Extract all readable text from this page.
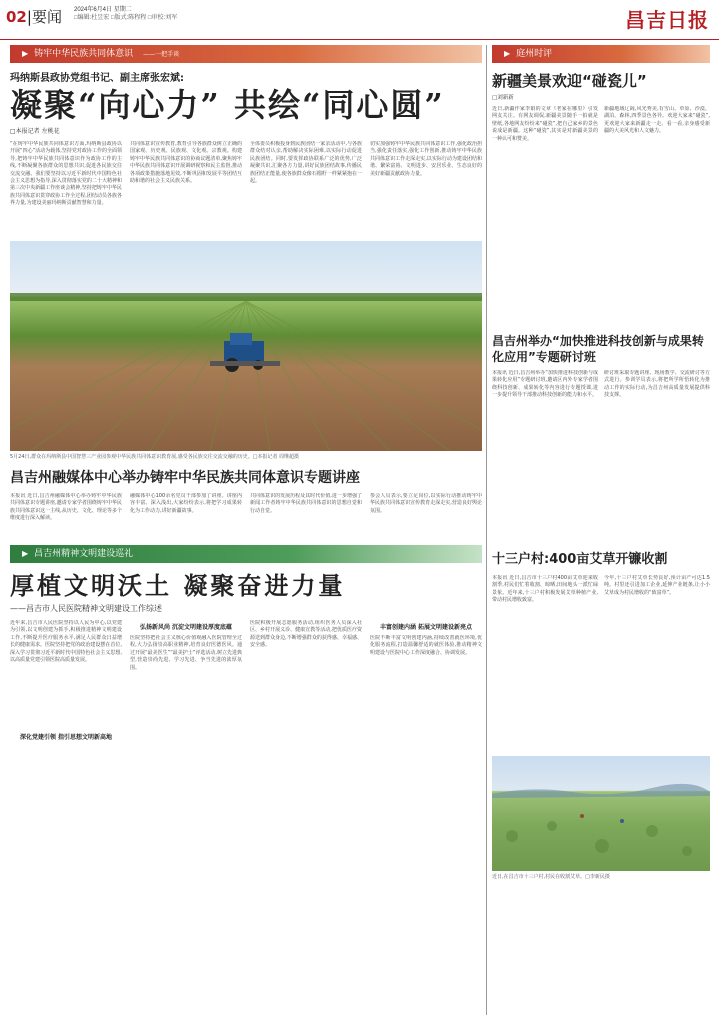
02|要闻 2024年6月4日 星期二
□编辑:杜昱宏 □版式:陈程程 □审校:刘军	昌吉日报
▶ 铸牢中华民族共同体意识 ——一把手谈
玛纳斯县政协党组书记、副主席张宏斌:
凝聚“向心力” 共绘“同心圆”
□本报记者 左桃花
“在铸牢中华民族共同体意识方面,玛纳斯县政协以开展“四心”活动为载体,坚持党对政协工作的全面领导,把铸牢中华民族共同体意识作为政协工作的主线,不断凝聚各族群众的思想共识,促进各民族交往交流交融。我们要坚持以习近平新时代中国特色社会主义思想为指导,深入贯彻落实党的二十大精神和第三次中央新疆工作座谈会精神,坚持把铸牢中华民族共同体意识贯穿政协工作全过程,团结动员各族各界力量,为建设美丽玛纳斯贡献智慧和力量。
共同体意识宣传教育,教育引导各族群众树立正确的国家观、历史观、民族观、文化观、宗教观。构建铸牢中华民族共同体意识的协商议题清单,聚焦铸牢中华民族共同体意识开展调研视察和民主监督,推动各项政策措施落地见效,不断巩固和发展平等团结互助和谐的社会主义民族关系。
全体委员积极投身到民族团结一家亲活动中,与各族群众结对认亲,帮助解决实际困难,以实际行动促进民族团结。同时,要发挥政协联系广泛的优势,广泛凝聚共识,汇聚各方力量,讲好民族团结故事,传播民族团结正能量,使各族群众像石榴籽一样紧紧抱在一起。
切实加强铸牢中华民族共同体意识工作,强化政治担当,强化责任落实,强化工作创新,推动铸牢中华民族共同体意识工作走深走实,以实际行动为建设团结和谐、繁荣富裕、文明进步、安居乐业、生态良好的美好新疆贡献政协力量。
5月24日,群众在玛纳斯县中国智慧三产业园参观中华民族共同体意识教育展,感受各民族交往交流交融的历史。□本报记者 周继超摄
昌吉州融媒体中心举办铸牢中华民族共同体意识专题讲座
本报讯 近日,昌吉州融媒体中心举办铸牢中华民族共同体意识专题讲座,邀请专家学者围绕铸牢中华民族共同体意识这一主线,从历史、文化、理论等多个维度进行深入解读。
融媒体中心100余名党员干部参加了讲座。讲座内容丰富、深入浅出,大家纷纷表示,将把学习成果转化为工作动力,讲好新疆故事。
共同体意识的发展历程及其时代价值,进一步增强了新闻工作者铸牢中华民族共同体意识的思想自觉和行动自觉。
参会人员表示,要立足岗位,以实际行动推动铸牢中华民族共同体意识宣传教育走深走实,营造良好舆论氛围。
▶ 昌吉州精神文明建设巡礼
厚植文明沃土 凝聚奋进力量
——昌吉市人民医院精神文明建设工作综述
近年来,昌吉市人民医院坚持以人民为中心,以党建为引领,以文明创建为抓手,积极推进精神文明建设工作,不断提升医疗服务水平,满足人民群众日益增长的健康需求。医院坚持把党的政治建设摆在首位,深入学习贯彻习近平新时代中国特色社会主义思想,以高质量党建引领医院高质量发展。
深化党建引领 指引思想文明新高地
弘扬新风尚 沉淀文明建设厚度底蕴
医院坚持把社会主义核心价值观融入医院管理全过程,大力弘扬崇高职业精神,培育良好医德医风。通过开展“最美医生”“最美护士”评选活动,树立先进典型,营造崇尚先进、学习先进、争当先进的浓厚氛围。
医院积极开展志愿服务活动,组织医务人员深入社区、乡村开展义诊、健康宣教等活动,把优质医疗资源送到群众身边,不断增强群众的获得感、幸福感、安全感。
丰富创建内涵 拓展文明建设新亮点
医院不断丰富文明创建内涵,持续改善就医环境,优化服务流程,打造温馨舒适的就医体验,推动精神文明建设与医院中心工作深度融合、协调发展。
▶ 庭州时评
新疆美景欢迎“碰瓷儿”
□刘新新
近日,新疆作家李娟的文章《老家在哪里》引发网友关注。有网友调侃,新疆美景随手一拍就是壁纸,各地网友纷纷来“碰瓷”,把自己家乡的景色说成是新疆。这种“碰瓷”,其实是对新疆美景的一种认可和赞美。
新疆地域辽阔,风光秀美,有雪山、草原、沙漠、湖泊、森林,四季景色各异。欢迎大家来“碰瓷”,更欢迎大家来新疆走一走、看一看,亲身感受新疆的大美风光和人文魅力。
昌吉州举办“加快推进科技创新与成果转化应用”专题研讨班
本报讯 近日,昌吉州举办“加快推进科技创新与成果转化应用”专题研讨班,邀请区内外专家学者围绕科技创新、成果转化等内容进行专题授课,进一步提升领导干部推动科技创新的能力和水平。
研讨班采取专题讲座、现场教学、交流研讨等方式进行。参训学员表示,将把所学所悟转化为推动工作的实际行动,为昌吉州高质量发展提供科技支撑。
十三户村:400亩艾草开镰收割
本报讯 近日,昌吉市十三户村400亩艾草迎来收割季,村民们忙着收割、晾晒,田间地头一派忙碌景象。近年来,十三户村积极发展艾草种植产业,带动村民增收致富。
今年,十三户村艾草长势良好,预计亩产可达1.5吨。村里还引进加工企业,延伸产业链条,让小小艾草成为村民增收的“致富草”。
近日,在昌吉市十三户村,村民在收割艾草。□李新民摄
